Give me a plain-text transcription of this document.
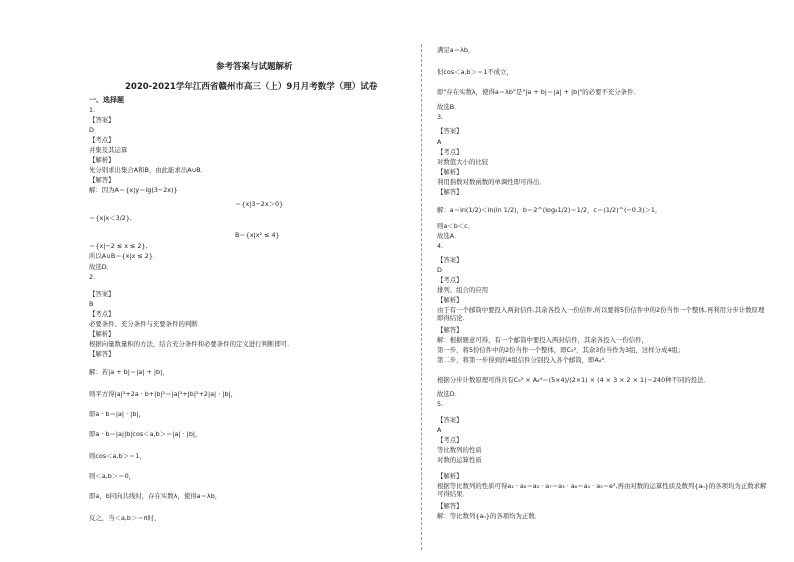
参考答案与试题解析
2020-2021学年江西省赣州市高三（上）9月月考数学（理）试卷
一、选择题
1.
【答案】
D
【考点】
并集及其运算
【解析】
先分别求出集合A和B，由此能求出A∪B．
【解答】
解：因为A＝{x|y＝lg(3−2x)}
＝{x|3−2x＞0}
＝{x|x＜3/2},
B＝{x|x² ≤ 4}
＝{x|−2 ≤ x ≤ 2},
所以A∪B＝{x|x ≤ 2}．
故选D．
2.
【答案】
B
【考点】
必要条件、充分条件与充要条件的判断
【解析】
根据向量数量积的方法，结合充分条件和必要条件的定义进行判断即可．
【解答】
解：若|a + b|＝|a| + |b|，
则平方得|a|²+2a · b+|b|²＝|a|²+|b|²+2|a| · |b|，
即a · b＝|a| · |b|，
即a · b＝|a||b|cos＜a,b＞＝|a| · |b|，
则cos＜a,b＞＝1，
则＜a,b＞＝0，
即a，b同向共线时，存在实数λ，使得a＝λb，
反之，当＜a,b＞＝π时，
满足a＝λb，
但cos＜a,b＞＝1不成立，
即"存在实数λ，使得a＝λb"是"|a + b|＝|a| + |b|"的必要不充分条件．
故选B．
3.
【答案】
A
【考点】
对数值大小的比较
【解析】
利用指数对数函数的单调性即可得出．
【解答】
解：a＝ln(1/2)＜ln(ln 1/2)，b＝2^(log₂1/2)＝1/2，c＝(1/2)^(−0.3)＞1，
则a＜b＜c．
故选A．
4.
【答案】
D
【考点】
排列、组合的应用
【解析】
由于有一个邮筒中要投入两封信件,其余各投入一份信件,所以要将5份信件中的2份当作一个整体,再利用分步计数原理即得结论.
【解答】
解：根据题意可得，有一个邮筒中要投入两封信件，其余各投入一份信件，
第一步，将5份信件中的2份当作一个整体，即C₅²，其余3份当作为3组，这样分成4组；
第二步，将第一步得到的4组信件分别投入各个邮筒，即A₄⁴．
根据分步计数原理可得共有C₅² × A₄⁴＝(5×4)/(2×1) × (4 × 3 × 2 × 1)＝240种不同的投法．
故选D．
5.
【答案】
A
【考点】
等比数列的性质
对数的运算性质
【解析】
根据等比数列的性质可得a₁ · a₈＝a₂ · a₇＝a₃ · a₆＝a₄ · a₅＝e²,再由对数的运算性质及数列{aₙ}的各项均为正数求解可得结果．
【解答】
解：等比数列{aₙ}的各项均为正数．
